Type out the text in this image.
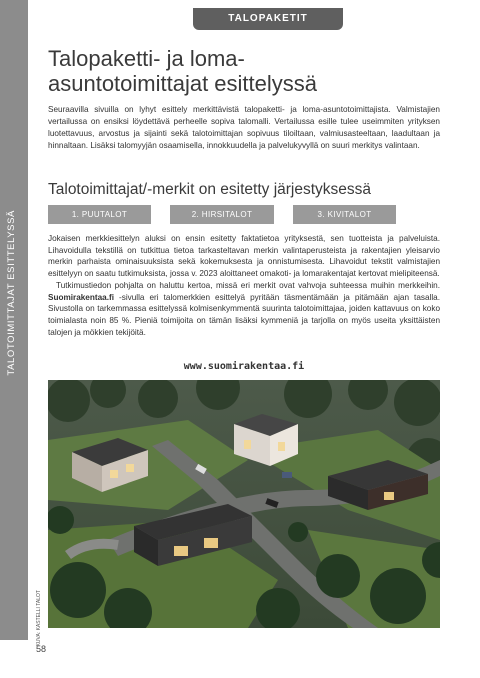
TALOTOIMITTAJAT ESITTELYSSÄ
TALOPAKETIT
Talopaketti- ja loma-asuntotoimittajat esittelyssä

Seuraavilla sivuilla on lyhyt esittely merkittävistä talopaketti- ja loma-asuntotoimittajista. Valmistajien vertailussa on ensiksi löydettävä perheelle sopiva talomalli. Vertailussa esille tulee useimmiten yrityksen luotettavuus, arvostus ja sijainti sekä talotoimittajan sopivuus tiloiltaan, valmiusasteeltaan, laadultaan ja hinnaltaan. Lisäksi talomyyjän osaamisella, innokkuudella ja palvelukyvyllä on suuri merkitys valintaan.

Talotoimittajat/-merkit on esitetty järjestyksessä
1. PUUTALOT	2. HIRSITALOT	3. KIVITALOT

Jokaisen merkkiesittelyn aluksi on ensin esitetty faktatietoa yrityksestä, sen tuotteista ja palveluista. Lihavoidulla tekstillä on tutkittua tietoa tarkasteltavan merkin valintaperusteista ja rakentajien yleisarvio merkin parhaista ominaisuuksista sekä kokemuksesta ja onnistumisesta. Lihavoidut tekstit valmistajien esittelyyn on saatu tutkimuksista, jossa v. 2023 aloittaneet omakoti- ja lomarakentajat kertovat mielipiteensä.

Tutkimustiedon pohjalta on haluttu kertoa, missä eri merkit ovat vahvoja suhteessa muihin merkkeihin. Suomirakentaa.fi -sivulla eri talomerkkien esittelyä pyritään täsmentämään ja pitämään ajan tasalla. Sivustolla on tarkemmassa esittelyssä kolmisenkymmentä suurinta talotoimittajaa, joiden kattavuus on koko toimialasta noin 85 %. Pieniä toimijoita on tämän lisäksi kymmeniä ja tarjolla on myös useita yksittäisten talojen ja mökkien tekijöitä.

www.suomirakentaa.fi
KUVA: KASTELLI TALOT
58
